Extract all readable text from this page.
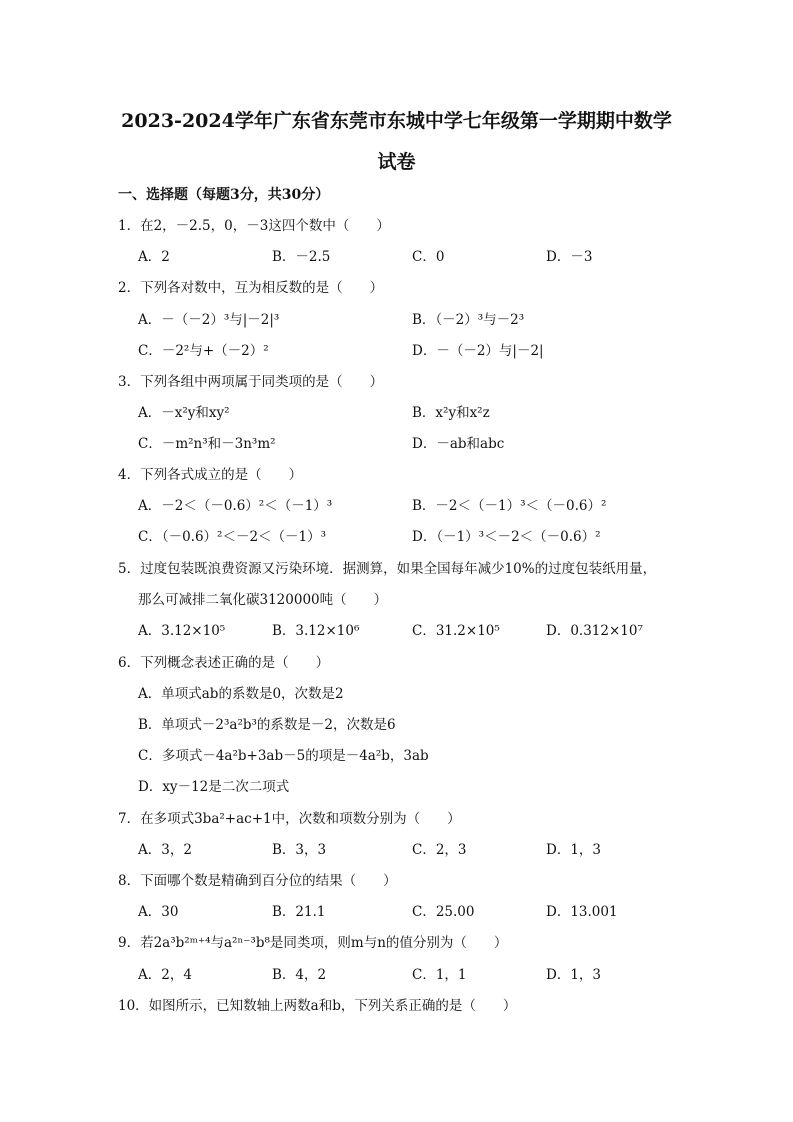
2023-2024学年广东省东莞市东城中学七年级第一学期期中数学
试卷
一、选择题（每题3分，共30分）
1．在2，－2.5，0，－3这四个数中（　　）
A．2	B．－2.5	C．0	D．－3
2．下列各对数中，互为相反数的是（　　）
A．－（－2）³与|－2|³	B．（－2）³与－2³
C．－2²与+（－2）²	D．－（－2）与|－2|
3．下列各组中两项属于同类项的是（　　）
A．－x²y和xy²	B．x²y和x²z
C．－m²n³和－3n³m²	D．－ab和abc
4．下列各式成立的是（　　）
A．－2＜（－0.6）²＜（－1）³	B．－2＜（－1）³＜（－0.6）²
C．（－0.6）²＜－2＜（－1）³	D．（－1）³＜－2＜（－0.6）²
5．过度包装既浪费资源又污染环境．据测算，如果全国每年减少10%的过度包装纸用量，
那么可减排二氧化碳3120000吨（　　）
A．3.12×10⁵	B．3.12×10⁶	C．31.2×10⁵	D．0.312×10⁷
6．下列概念表述正确的是（　　）
A．单项式ab的系数是0，次数是2
B．单项式－2³a²b³的系数是－2，次数是6
C．多项式－4a²b+3ab－5的项是－4a²b，3ab
D．xy－12是二次二项式
7．在多项式3ba²+ac+1中，次数和项数分别为（　　）
A．3，2	B．3，3	C．2，3	D．1，3
8．下面哪个数是精确到百分位的结果（　　）
A．30	B．21.1	C．25.00	D．13.001
9．若2a³b²ᵐ⁺⁴与a²ⁿ⁻³b⁸是同类项，则m与n的值分别为（　　）
A．2，4	B．4，2	C．1，1	D．1，3
10．如图所示，已知数轴上两数a和b，下列关系正确的是（　　）
